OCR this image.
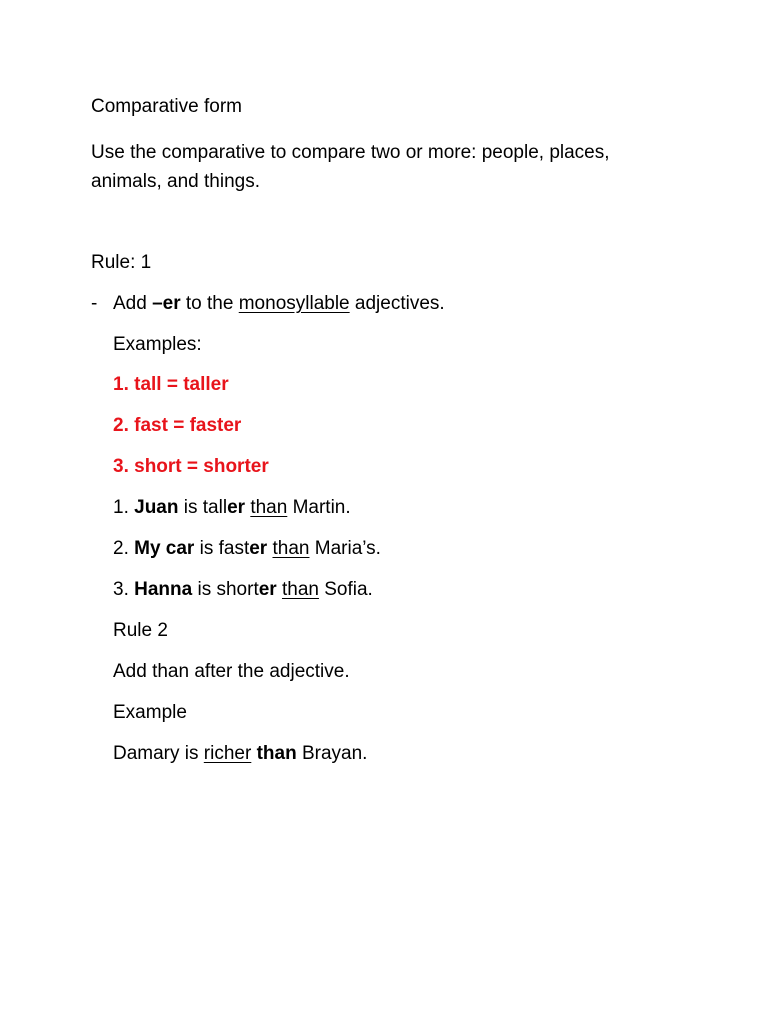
Comparative form
Use the comparative to compare two or more: people, places,
animals, and things.
Rule: 1
- Add –er to the monosyllable adjectives.
Examples:
1. tall = taller
2. fast = faster
3. short = shorter
1. Juan is taller than Martin.
2. My car is faster than Maria’s.
3. Hanna is shorter than Sofia.
Rule 2
Add than after the adjective.
Example
Damary is richer than Brayan.
